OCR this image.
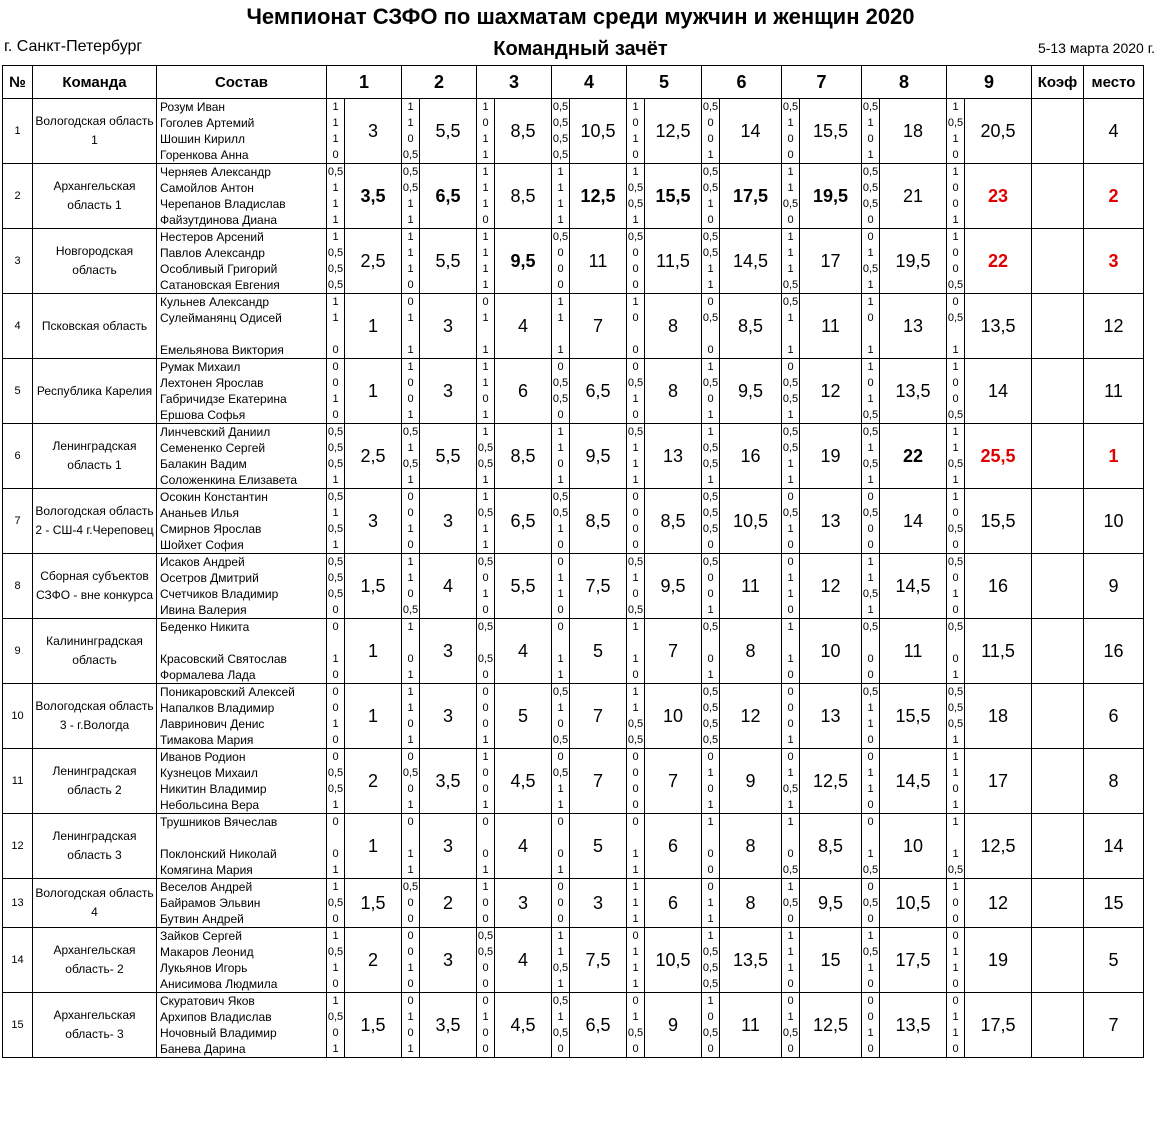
Чемпионат СЗФО по шахматам среди мужчин и женщин 2020
г. Санкт-Петербург	Командный зачёт	5-13 марта 2020 г.
№	Команда	Состав	1		2		3		4		5		6		7		8		9		Коэф	место
1	Вологодская область 1	Розум Иван	1	3	1	5,5	1	8,5	0,5	10,5	1	12,5	0,5	14	0,5	15,5	0,5	18	1	20,5		4
		Гоголев Артемий	1		1		0		0,5		0		0		1		1		0,5			
		Шошин Кирилл	1		0		1		0,5		1		0		0		0		1			
		Горенкова Анна	0		0,5		1		0,5		0		1		0		1		0			
2	Архангельская область 1	Черняев Александр	0,5	3,5	0,5	6,5	1	8,5	1	12,5	1	15,5	0,5	17,5	1	19,5	0,5	21	1	23		2
		Самойлов Антон	1		0,5		1		1		0,5		0,5		1		0,5		0			
		Черепанов Владислав	1		1		1		1		0,5		1		0,5		0,5		0			
		Файзутдинова Диана	1		1		0		1		1		0		0		0		1			
3	Новгородская область	Нестеров Арсений	1	2,5	1	5,5	1	9,5	0,5	11	0,5	11,5	0,5	14,5	1	17	0	19,5	1	22		3
		Павлов Александр	0,5		1		1		0		0		0,5		1		1		0			
		Особливый Григорий	0,5		1		1		0		0		1		1		0,5		0			
		Сатановская Евгения	0,5		0		1		0		0		1		0,5		1		0,5			
4	Псковская область	Кульнев Александр	1	1	0	3	0	4	1	7	1	8	0	8,5	0,5	11	1	13	0	13,5		12
		Сулейманянц Одисей	1		1		1		1		0		0,5		1		0		0,5			

		Емельянова Виктория	0		1		1		1		0		0		1		1		1			
5	Республика Карелия	Румак Михаил	0	1	1	3	1	6	0	6,5	0	8	1	9,5	0	12	1	13,5	1	14		11
		Лехтонен Ярослав	0		0		1		0,5		0,5		0,5		0,5		0		0			
		Габричидзе Екатерина	1		0		0		0,5		1		0		0,5		1		0			
		Ершова Софья	0		1		1		0		0		1		1		0,5		0,5			
6	Ленинградская область 1	Линчевский Даниил	0,5	2,5	0,5	5,5	1	8,5	1	9,5	0,5	13	1	16	0,5	19	0,5	22	1	25,5		1
		Семененко Сергей	0,5		1		0,5		1		1		0,5		0,5		1		1			
		Балакин Вадим	0,5		0,5		0,5		0		1		0,5		1		0,5		0,5			
		Соложенкина Елизавета	1		1		1		1		1		1		1		1		1			
7	Вологодская область 2 - СШ-4 г.Череповец	Осокин Константин	0,5	3	0	3	1	6,5	0,5	8,5	0	8,5	0,5	10,5	0	13	0	14	1	15,5		10
		Ананьев Илья	1		0		0,5		0,5		0		0,5		0,5		0,5		0			
		Смирнов Ярослав	0,5		1		1		1		0		0,5		1		0		0,5			
		Шойхет София	1		0		1		0		0		0		0		0		0			
8	Сборная субъектов СЗФО - вне конкурса	Исаков Андрей	0,5	1,5	1	4	0,5	5,5	0	7,5	0,5	9,5	0,5	11	0	12	1	14,5	0,5	16		9
		Осетров Дмитрий	0,5		1		0		1		1		0		1		1		0			
		Счетчиков Владимир	0,5		0		1		1		0		0		1		0,5		1			
		Ивина Валерия	0		0,5		0		0		0,5		1		0		1		0			
9	Калининградская область	Беденко Никита	0	1	1	3	0,5	4	0	5	1	7	0,5	8	1	10	0,5	11	0,5	11,5		16

		Красовский Святослав	1		0		0,5		1		1		0		1		0		0			
		Формалева Лада	0		1		0		1		0		1		0		0		1			
10	Вологодская область 3 - г.Вологда	Поникаровский Алексей	0	1	1	3	0	5	0,5	7	1	10	0,5	12	0	13	0,5	15,5	0,5	18		6
		Напалков Владимир	0		1		0		1		1		0,5		0		1		0,5			
		Лавринович Денис	1		0		0		0		0,5		0,5		0		1		0,5			
		Тимакова Мария	0		1		1		0,5		0,5		0,5		1		0		1			
11	Ленинградская область 2	Иванов Родион	0	2	0	3,5	1	4,5	0	7	0	7	0	9	0	12,5	0	14,5	1	17		8
		Кузнецов Михаил	0,5		0,5		0		0,5		0		1		1		1		1			
		Никитин Владимир	0,5		0		0		1		0		0		0,5		1		0			
		Небольсина Вера	1		1		1		1		0		1		1		0		1			
12	Ленинградская область 3	Трушников Вячеслав	0	1	0	3	0	4	0	5	0	6	1	8	1	8,5	0	10	1	12,5		14

		Поклонский Николай	0		1		0		0		1		0		0		1		1			
		Комягина Мария	1		1		1		1		1		0		0,5		0,5		0,5			
13	Вологодская область 4	Веселов Андрей	1	1,5	0,5	2	1	3	0	3	1	6	0	8	1	9,5	0	10,5	1	12		15
		Байрамов Эльвин	0,5		0		0		0		1		1		0,5		0,5		0			
		Бутвин Андрей	0		0		0		0		1		1		0		0		0			
14	Архангельская область- 2	Зайков Сергей	1	2	0	3	0,5	4	1	7,5	0	10,5	1	13,5	1	15	1	17,5	0	19		5
		Макаров Леонид	0,5		0		0,5		1		1		0,5		1		0,5		1			
		Лукьянов Игорь	1		1		0		0,5		1		0,5		1		1		1			
		Анисимова Людмила	0		0		0		1		1		0,5		0		0		0			
15	Архангельская область- 3	Скуратович Яков	1	1,5	0	3,5	0	4,5	0,5	6,5	0	9	1	11	0	12,5	0	13,5	0	17,5		7
		Архипов Владислав	0,5		1		1		1		1		0		1		0		1			
		Ночовный Владимир	0		0		0		0,5		0,5		0,5		0,5		1		1			
		Банева Дарина	1		1		0		0		0		0		0		0		0			
